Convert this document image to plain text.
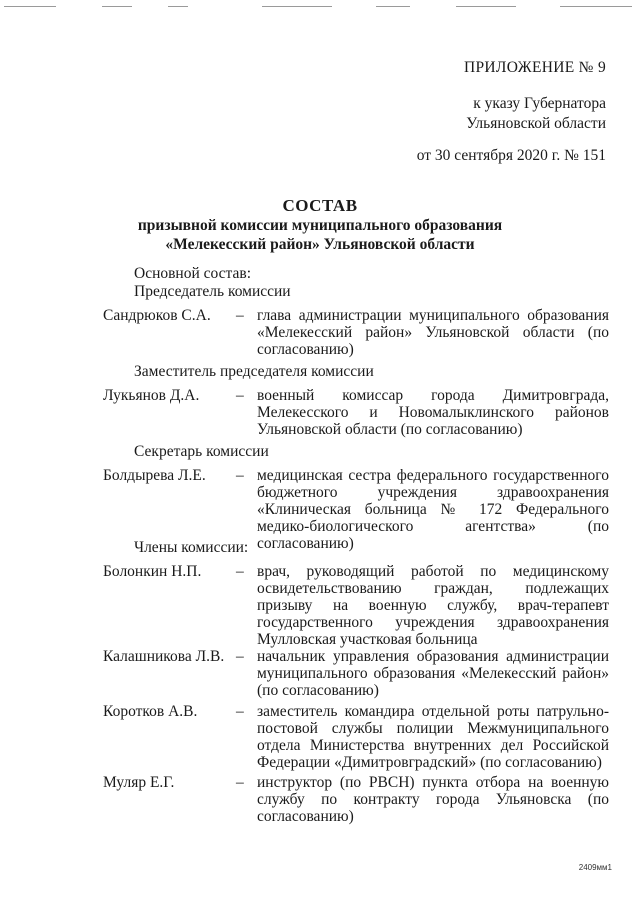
ПРИЛОЖЕНИЕ № 9
к указу Губернатора
Ульяновской области
от 30 сентября 2020 г. № 151
СОСТАВ
призывной комиссии муниципального образования
«Мелекесский район» Ульяновской области
Основной состав:
Председатель комиссии
Сандрюков С.А. – глава администрации муниципального образования «Мелекесский район» Ульяновской области (по согласованию)
Заместитель председателя комиссии
Лукьянов Д.А. – военный комиссар города Димитровграда, Мелекесского и Новомалыклинского районов Ульяновской области (по согласованию)
Секретарь комиссии
Болдырева Л.Е. – медицинская сестра федерального государственного бюджетного учреждения здравоохранения «Клиническая больница № 172 Федерального медико-биологического агентства» (по согласованию)
Члены комиссии:
Болонкин Н.П. – врач, руководящий работой по медицинскому освидетельствованию граждан, подлежащих призыву на военную службу, врач-терапевт государственного учреждения здравоохранения Мулловская участковая больница
Калашникова Л.В. – начальник управления образования администрации муниципального образования «Мелекесский район» (по согласованию)
Коротков А.В. – заместитель командира отдельной роты патрульно-постовой службы полиции Межмуниципального отдела Министерства внутренних дел Российской Федерации «Димитровградский» (по согласованию)
Муляр Е.Г.	– инструктор (по РВСН) пункта отбора на военную службу по контракту города Ульяновска (по согласованию)
2409мм1
